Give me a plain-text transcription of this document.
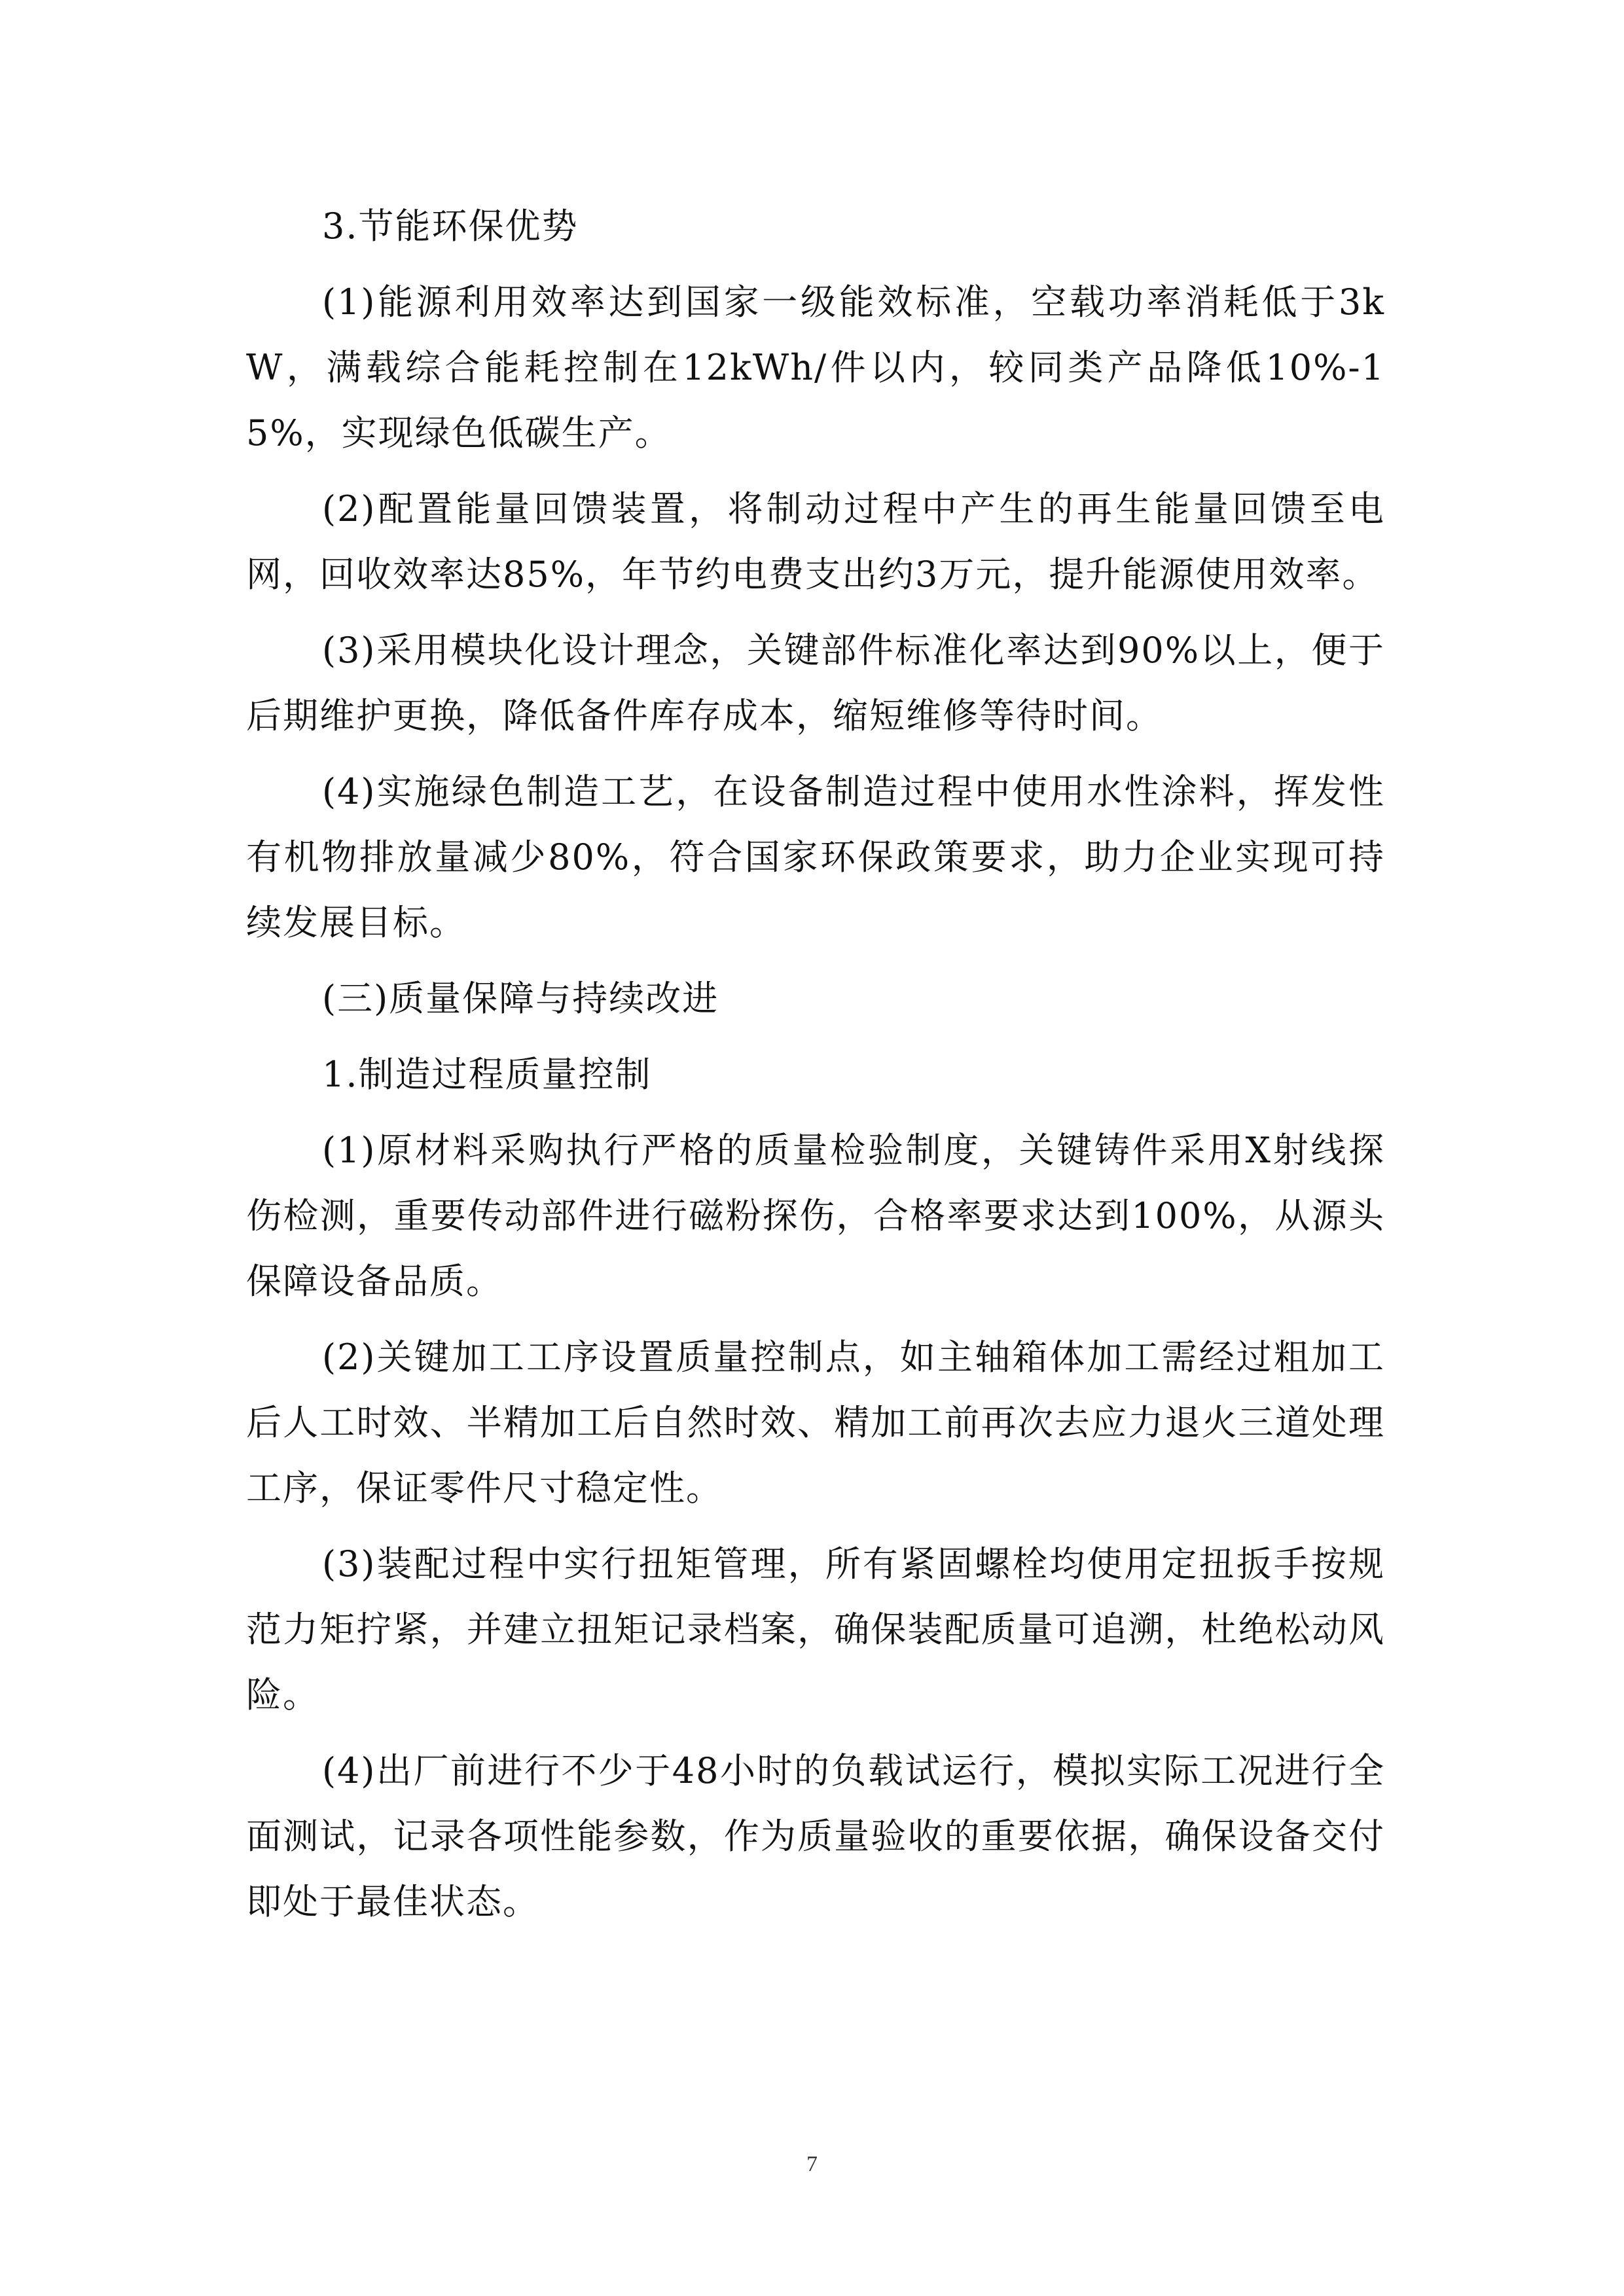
3.节能环保优势
(1)能源利用效率达到国家一级能效标准，空载功率消耗低于3kW，满载综合能耗控制在12kWh/件以内，较同类产品降低10%-15%，实现绿色低碳生产。
(2)配置能量回馈装置，将制动过程中产生的再生能量回馈至电网，回收效率达85%，年节约电费支出约3万元，提升能源使用效率。
(3)采用模块化设计理念，关键部件标准化率达到90%以上，便于后期维护更换，降低备件库存成本，缩短维修等待时间。
(4)实施绿色制造工艺，在设备制造过程中使用水性涂料，挥发性有机物排放量减少80%，符合国家环保政策要求，助力企业实现可持续发展目标。
(三)质量保障与持续改进
1.制造过程质量控制
(1)原材料采购执行严格的质量检验制度，关键铸件采用X射线探伤检测，重要传动部件进行磁粉探伤，合格率要求达到100%，从源头保障设备品质。
(2)关键加工工序设置质量控制点，如主轴箱体加工需经过粗加工后人工时效、半精加工后自然时效、精加工前再次去应力退火三道处理工序，保证零件尺寸稳定性。
(3)装配过程中实行扭矩管理，所有紧固螺栓均使用定扭扳手按规范力矩拧紧，并建立扭矩记录档案，确保装配质量可追溯，杜绝松动风险。
(4)出厂前进行不少于48小时的负载试运行，模拟实际工况进行全面测试，记录各项性能参数，作为质量验收的重要依据，确保设备交付即处于最佳状态。
7
